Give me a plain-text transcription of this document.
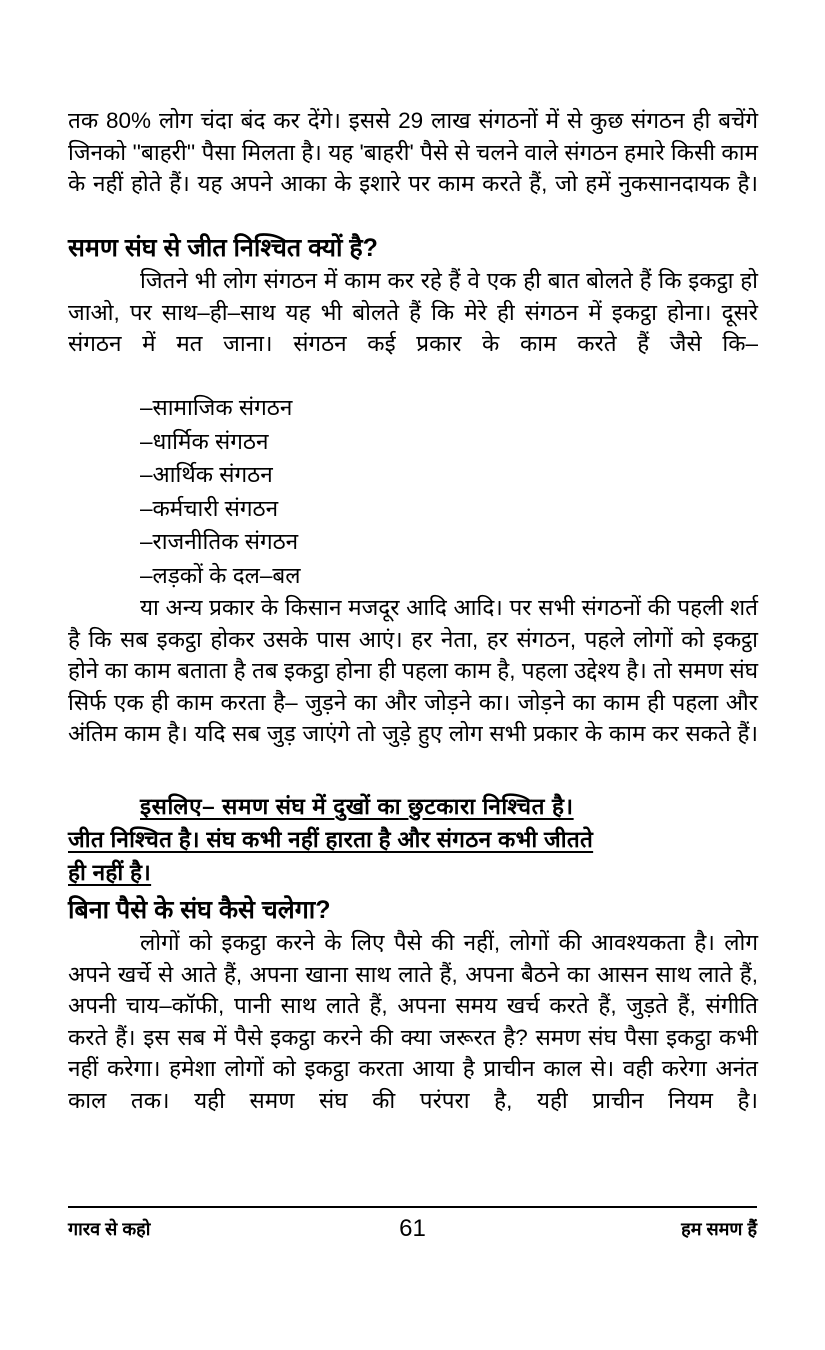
तक 80% लोग चंदा बंद कर देंगे। इससे 29 लाख संगठनों में से कुछ संगठन ही बचेंगे जिनको ''बाहरी'' पैसा मिलता है। यह 'बाहरी' पैसे से चलने वाले संगठन हमारे किसी काम के नहीं होते हैं। यह अपने आका के इशारे पर काम करते हैं, जो हमें नुकसानदायक है।
समण संघ से जीत निश्चित क्यों है?
जितने भी लोग संगठन में काम कर रहे हैं वे एक ही बात बोलते हैं कि इकट्ठा हो जाओ, पर साथ–ही–साथ यह भी बोलते हैं कि मेरे ही संगठन में इकट्ठा होना। दूसरे संगठन में मत जाना। संगठन कई प्रकार के काम करते हैं जैसे कि–
–सामाजिक संगठन
–धार्मिक संगठन
–आर्थिक संगठन
–कर्मचारी संगठन
–राजनीतिक संगठन
–लड़कों के दल–बल
या अन्य प्रकार के किसान मजदूर आदि आदि। पर सभी संगठनों की पहली शर्त है कि सब इकट्ठा होकर उसके पास आएं। हर नेता, हर संगठन, पहले लोगों को इकट्ठा होने का काम बताता है तब इकट्ठा होना ही पहला काम है, पहला उद्देश्य है। तो समण संघ सिर्फ एक ही काम करता है– जुड़ने का और जोड़ने का। जोड़ने का काम ही पहला और अंतिम काम है। यदि सब जुड़ जाएंगे तो जुड़े हुए लोग सभी प्रकार के काम कर सकते हैं।
इसलिए– समण संघ में दुखों का छुटकारा निश्चित है।
जीत निश्चित है। संघ कभी नहीं हारता है और संगठन कभी जीतते
ही नहीं है।
बिना पैसे के संघ कैसे चलेगा?
लोगों को इकट्ठा करने के लिए पैसे की नहीं, लोगों की आवश्यकता है। लोग अपने खर्चे से आते हैं, अपना खाना साथ लाते हैं, अपना बैठने का आसन साथ लाते हैं, अपनी चाय–कॉफी, पानी साथ लाते हैं, अपना समय खर्च करते हैं, जुड़ते हैं, संगीति करते हैं। इस सब में पैसे इकट्ठा करने की क्या जरूरत है? समण संघ पैसा इकट्ठा कभी नहीं करेगा। हमेशा लोगों को इकट्ठा करता आया है प्राचीन काल से। वही करेगा अनंत काल तक। यही समण संघ की परंपरा है, यही प्राचीन नियम है।
गारव से कहो	61	हम समण हैं
